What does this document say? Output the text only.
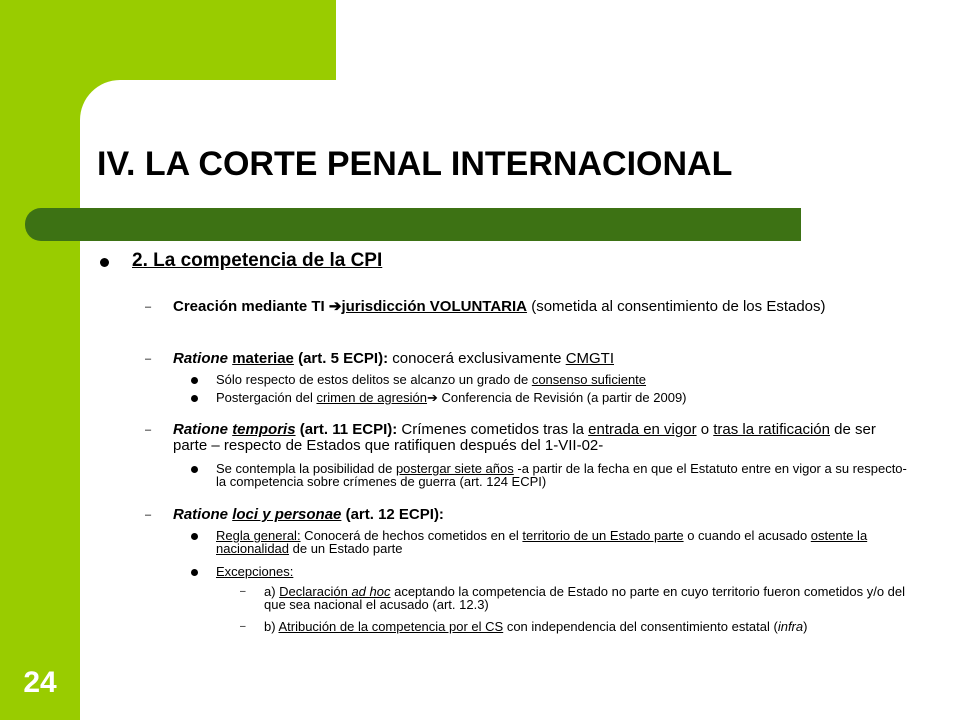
24
IV. LA CORTE PENAL INTERNACIONAL
2. La competencia de la CPI
– Creación mediante TI ➔jurisdicción VOLUNTARIA (sometida al consentimiento de los Estados)
– Ratione materiae (art. 5 ECPI): conocerá exclusivamente CMGTI
Sólo respecto de estos delitos se alcanzo un grado de consenso suficiente
Postergación del crimen de agresión➔ Conferencia de Revisión (a partir de 2009)
– Ratione temporis (art. 11 ECPI): Crímenes cometidos tras la entrada en vigor o tras la ratificación de ser parte – respecto de Estados que ratifiquen después del 1-VII-02-
Se contempla la posibilidad de postergar siete años -a partir de la fecha en que el Estatuto entre en vigor a su respecto- la competencia sobre crímenes de guerra (art. 124 ECPI)
– Ratione loci y personae (art. 12 ECPI):
Regla general: Conocerá de hechos cometidos en el territorio de un Estado parte o cuando el acusado ostente la nacionalidad de un Estado parte
Excepciones:
– a) Declaración ad hoc aceptando la competencia de Estado no parte en cuyo territorio fueron cometidos y/o del que sea nacional el acusado (art. 12.3)
– b) Atribución de la competencia por el CS con independencia del consentimiento estatal (infra)
